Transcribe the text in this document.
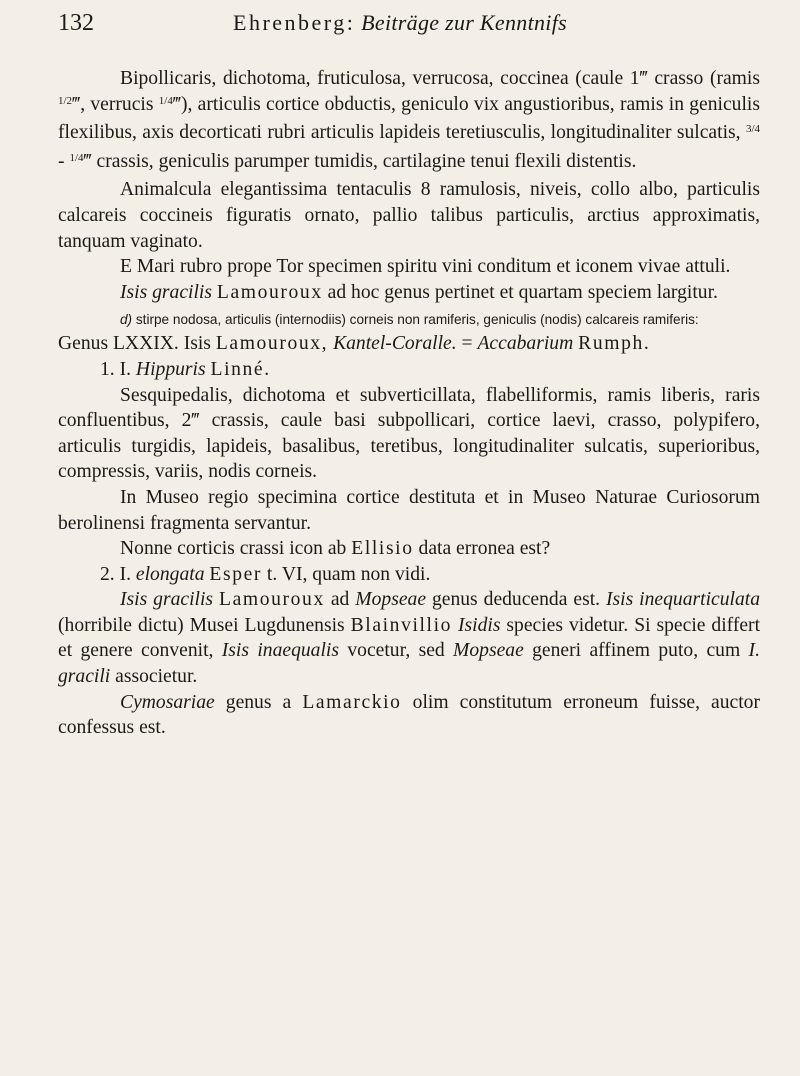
132	Ehrenberg: Beiträge zur Kenntnifs

Bipollicaris, dichotoma, fruticulosa, verrucosa, coccinea (caule 1‴ crasso (ramis $^{1/2}$‴, verrucis $^{1/4}$‴), articulis cortice obductis, geniculo vix angustioribus, ramis in geniculis flexilibus, axis decorticati rubri articulis lapideis teretiusculis, longitudinaliter sulcatis, $^{3/4}$ - $^{1/4}$‴ crassis, geniculis parumper tumidis, cartilagine tenui flexili distentis.

Animalcula elegantissima tentaculis 8 ramulosis, niveis, collo albo, particulis calcareis coccineis figuratis ornato, pallio talibus particulis, arctius approximatis, tanquam vaginato.

E Mari rubro prope Tor specimen spiritu vini conditum et iconem vivae attuli.

Isis gracilis Lamouroux ad hoc genus pertinet et quartam speciem largitur.

d) stirpe nodosa, articulis (internodiis) corneis non ramiferis, geniculis (nodis) calcareis ramiferis:

Genus LXXIX. Isis Lamouroux, Kantel-Coralle. = Accabarium Rumph.

1. I. Hippuris Linné.

Sesquipedalis, dichotoma et subverticillata, flabelliformis, ramis liberis, raris confluentibus, 2‴ crassis, caule basi subpollicari, cortice laevi, crasso, polypifero, articulis turgidis, lapideis, basalibus, teretibus, longitudinaliter sulcatis, superioribus, compressis, variis, nodis corneis.

In Museo regio specimina cortice destituta et in Museo Naturae Curiosorum berolinensi fragmenta servantur.

Nonne corticis crassi icon ab Ellisio data erronea est?

2. I. elongata Esper t. VI, quam non vidi.

Isis gracilis Lamouroux ad Mopseae genus deducenda est. Isis inequarticulata (horribile dictu) Musei Lugdunensis Blainvillio Isidis species videtur. Si specie differt et genere convenit, Isis inaequalis vocetur, sed Mopseae generi affinem puto, cum I. gracili associetur.

Cymosariae genus a Lamarckio olim constitutum erroneum fuisse, auctor confessus est.
